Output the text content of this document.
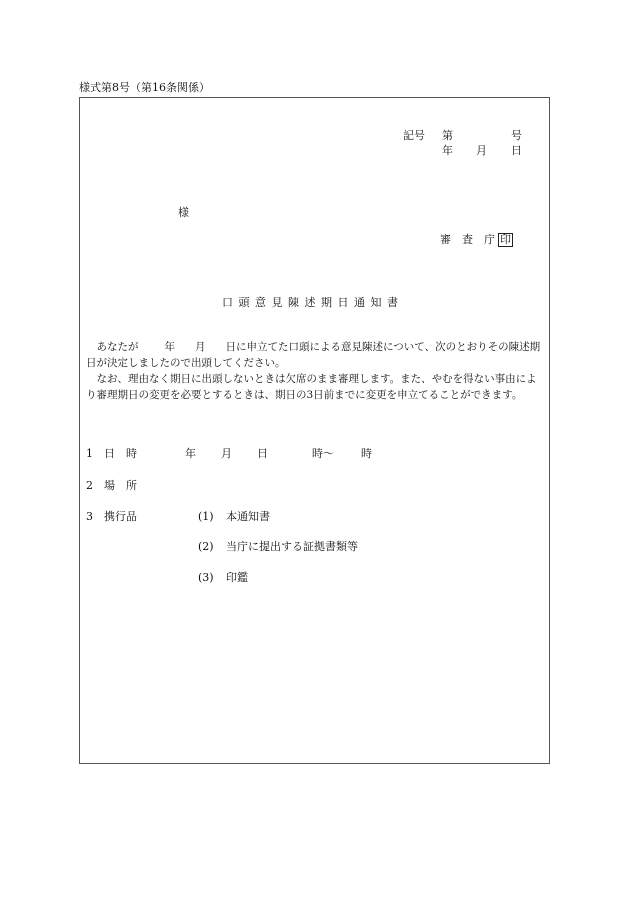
様式第8号（第16条関係）
記号 第	号
年 月 日
様
審　査　庁 印
口頭意見陳述期日通知書
あなたが 年 月 日に申立てた口頭による意見陳述について、次のとおりその陳述期日が決定しましたので出頭してください。
なお、理由なく期日に出頭しないときは欠席のまま審理します。また、やむを得ない事由により審理期日の変更を必要とするときは、期日の3日前までに変更を申立てることができます。
1 日　時	年 月 日	時～ 時
2 場　所
3 携行品	(1) 本通知書
(2) 当庁に提出する証拠書類等
(3) 印鑑
